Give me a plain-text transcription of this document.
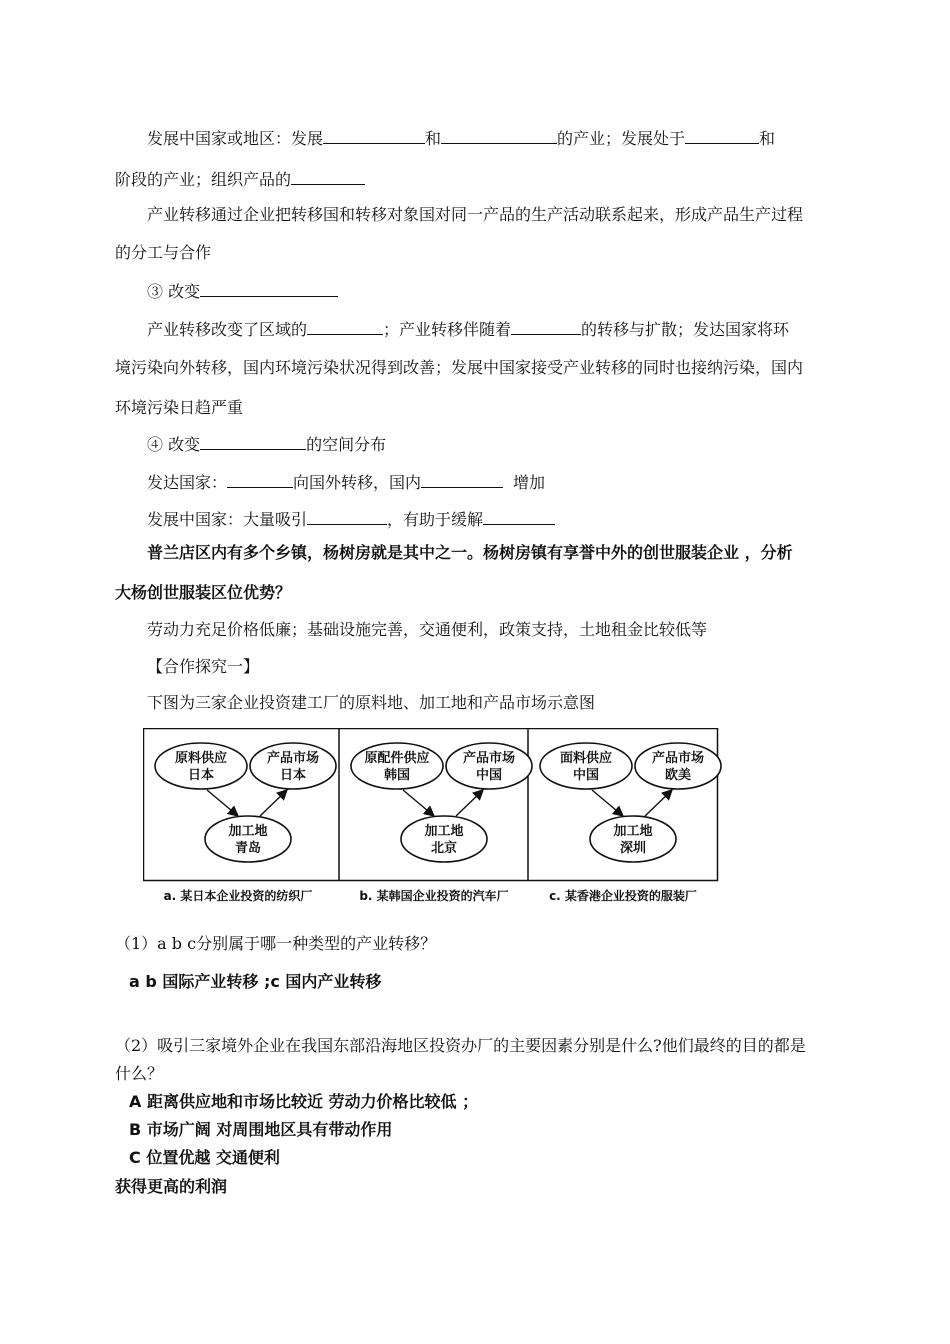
发展中国家或地区：发展	和	的产业；发展处于	和
阶段的产业；组织产品的
产业转移通过企业把转移国和转移对象国对同一产品的生产活动联系起来，形成产品生产过程
的分工与合作
③ 改变
产业转移改变了区域的	；产业转移伴随着	的转移与扩散；发达国家将环
境污染向外转移，国内环境污染状况得到改善；发展中国家接受产业转移的同时也接纳污染，国内
环境污染日趋严重
④ 改变	的空间分布
发达国家：	向国外转移，国内	增加
发展中国家：大量吸引	，有助于缓解
普兰店区内有多个乡镇，杨树房就是其中之一。杨树房镇有享誉中外的创世服装企业 ，分析
大杨创世服装区位优势？
劳动力充足价格低廉；基础设施完善，交通便利，政策支持，土地租金比较低等
【合作探究一】
下图为三家企业投资建工厂的原料地、加工地和产品市场示意图
原料供应
日本
产品市场
日本
加工地
青岛
a. 某日本企业投资的纺织厂
原配件供应
韩国
产品市场
中国
加工地
北京
b. 某韩国企业投资的汽车厂
面料供应
中国
产品市场
欧美
加工地
深圳
c. 某香港企业投资的服装厂
（1）a b c分别属于哪一种类型的产业转移？
a b 国际产业转移 ;c 国内产业转移
（2）吸引三家境外企业在我国东部沿海地区投资办厂的主要因素分别是什么?他们最终的目的都是
什么？
A 距离供应地和市场比较近 劳动力价格比较低 ；
B 市场广阔 对周围地区具有带动作用
C 位置优越 交通便利
获得更高的利润
